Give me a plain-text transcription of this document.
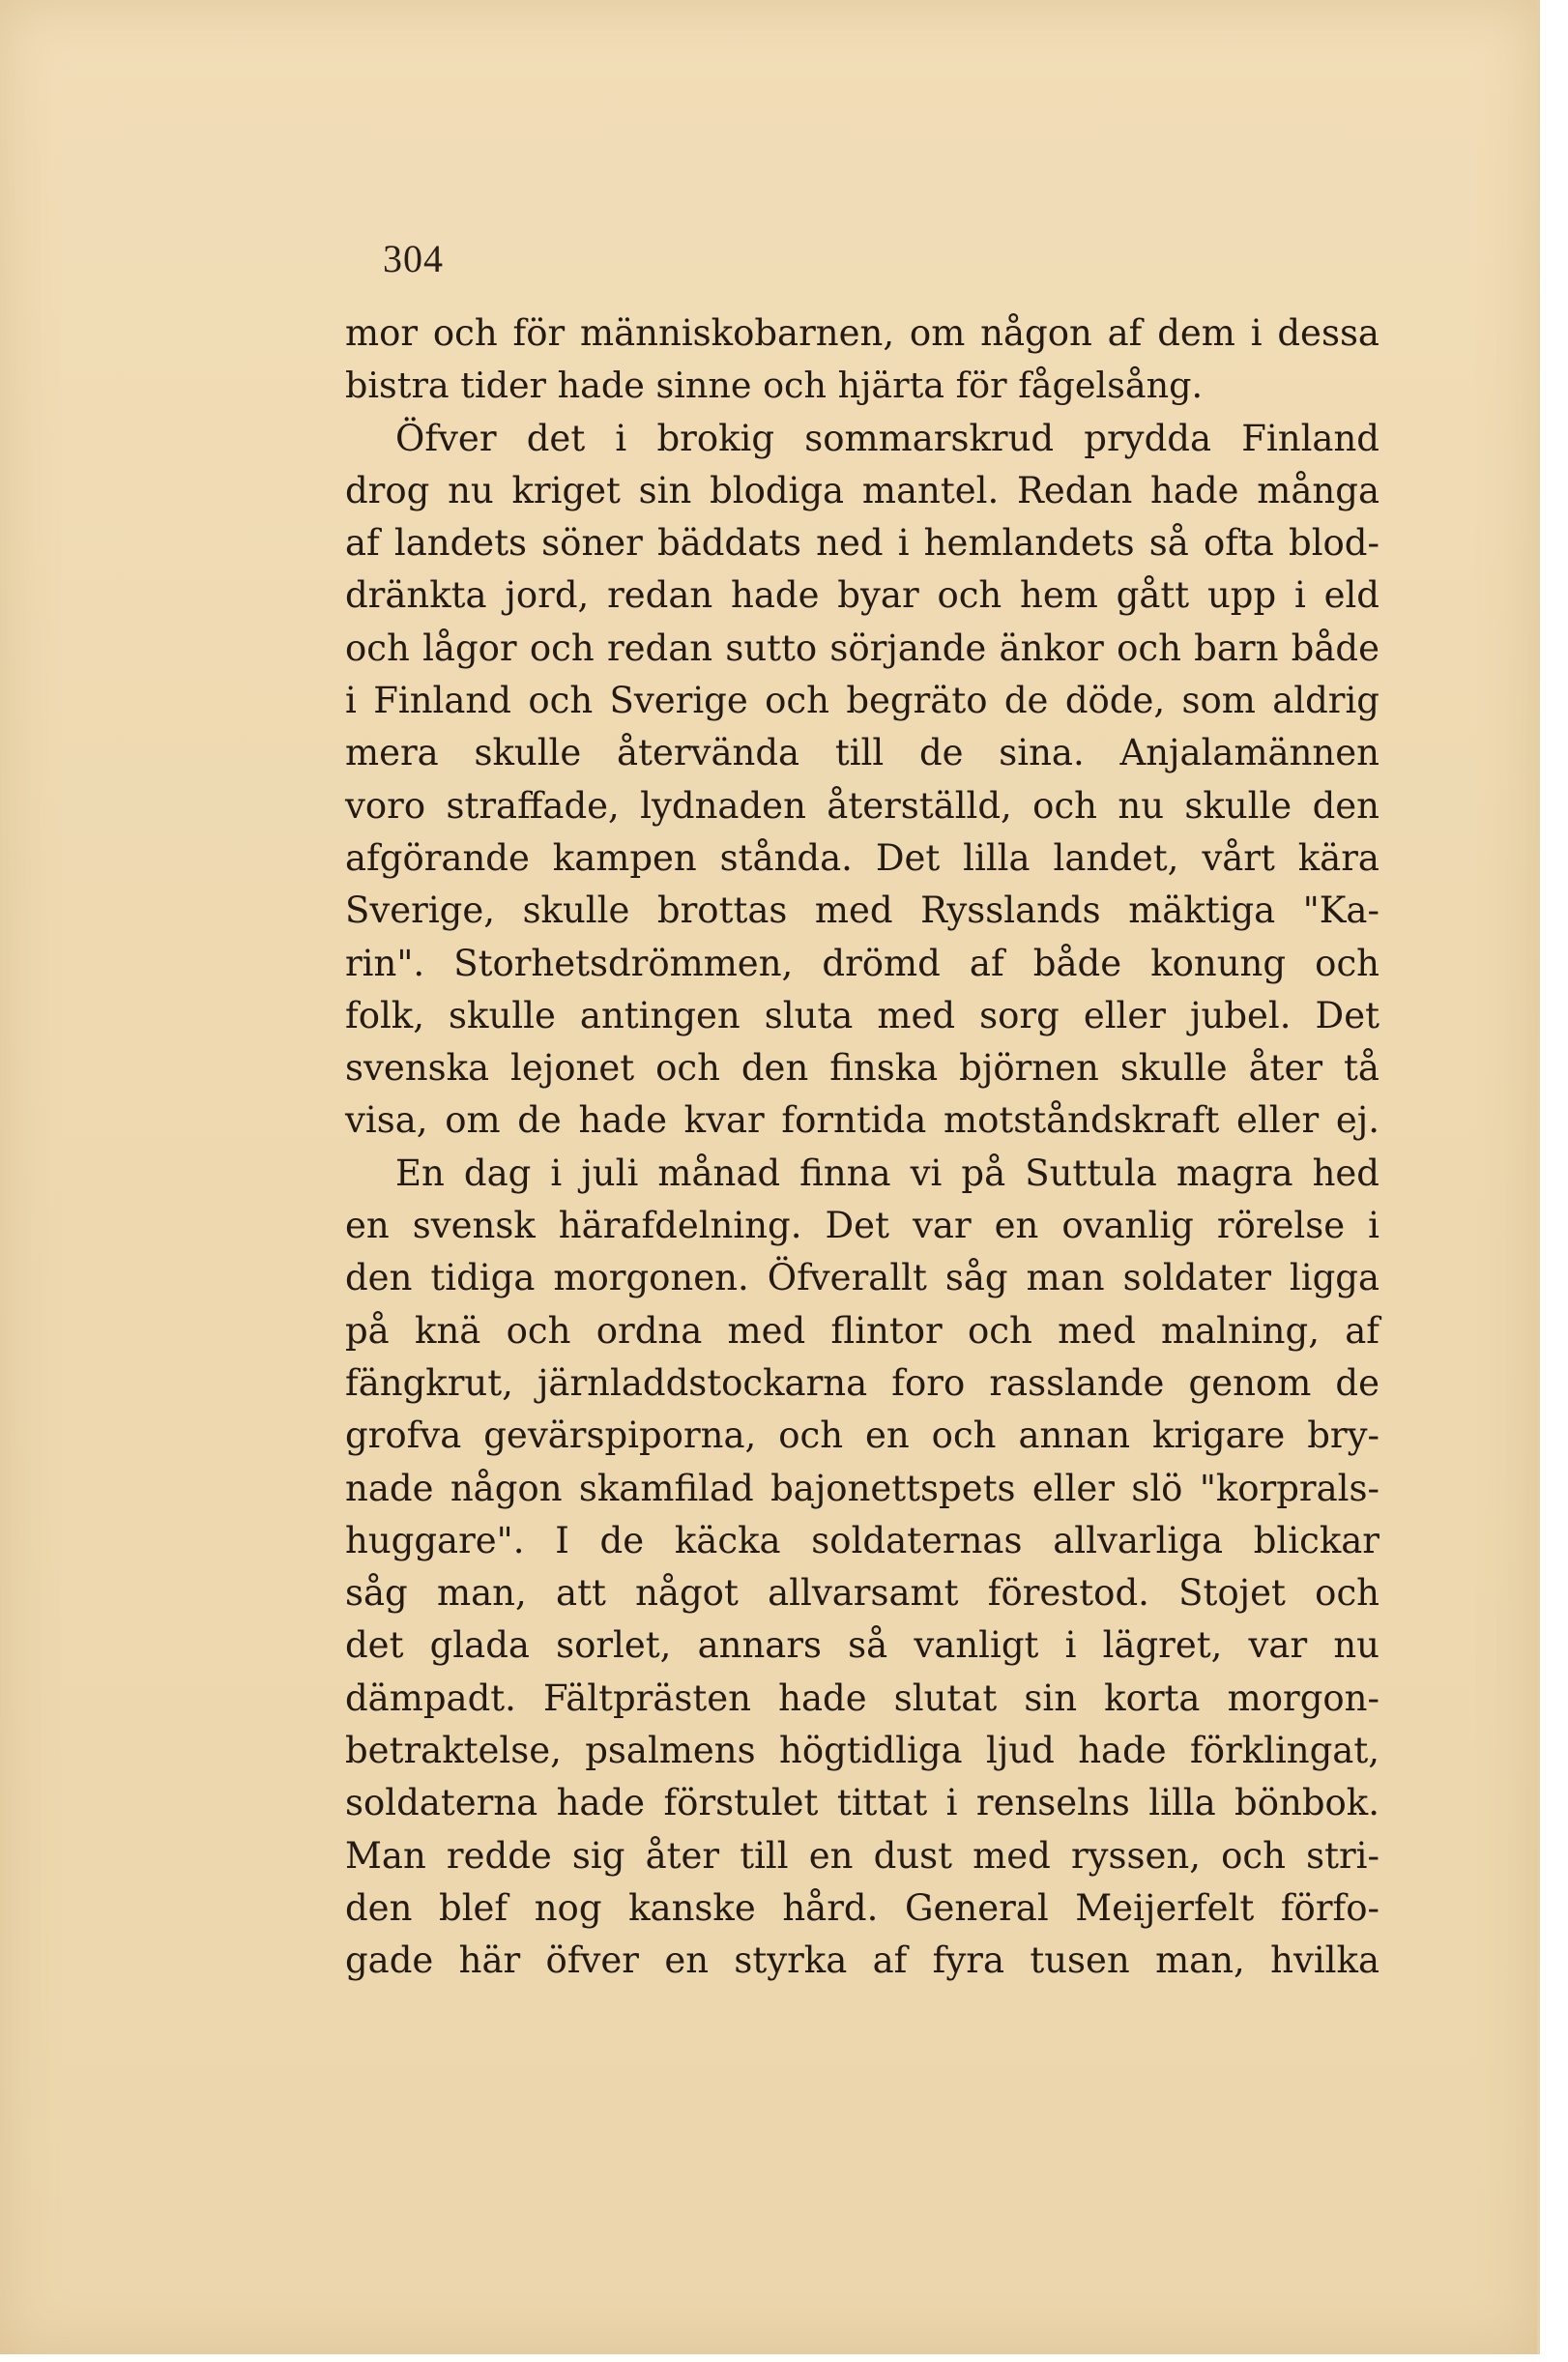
304
mor och för människobarnen, om någon af dem i dessa
bistra tider hade sinne och hjärta för fågelsång.
Öfver det i brokig sommarskrud prydda Finland
drog nu kriget sin blodiga mantel. Redan hade många
af landets söner bäddats ned i hemlandets så ofta blod-
dränkta jord, redan hade byar och hem gått upp i eld
och lågor och redan sutto sörjande änkor och barn både
i Finland och Sverige och begräto de döde, som aldrig
mera skulle återvända till de sina. Anjalamännen
voro straffade, lydnaden återställd, och nu skulle den
afgörande kampen stånda. Det lilla landet, vårt kära
Sverige, skulle brottas med Rysslands mäktiga "Ka-
rin". Storhetsdrömmen, drömd af både konung och
folk, skulle antingen sluta med sorg eller jubel. Det
svenska lejonet och den finska björnen skulle åter tå
visa, om de hade kvar forntida motståndskraft eller ej.
En dag i juli månad finna vi på Suttula magra hed
en svensk härafdelning. Det var en ovanlig rörelse i
den tidiga morgonen. Öfverallt såg man soldater ligga
på knä och ordna med flintor och med malning, af
fängkrut, järnladdstockarna foro rasslande genom de
grofva gevärspiporna, och en och annan krigare bry-
nade någon skamfilad bajonettspets eller slö "korprals-
huggare". I de käcka soldaternas allvarliga blickar
såg man, att något allvarsamt förestod. Stojet och
det glada sorlet, annars så vanligt i lägret, var nu
dämpadt. Fältprästen hade slutat sin korta morgon-
betraktelse, psalmens högtidliga ljud hade förklingat,
soldaterna hade förstulet tittat i renselns lilla bönbok.
Man redde sig åter till en dust med ryssen, och stri-
den blef nog kanske hård. General Meijerfelt förfo-
gade här öfver en styrka af fyra tusen man, hvilka
